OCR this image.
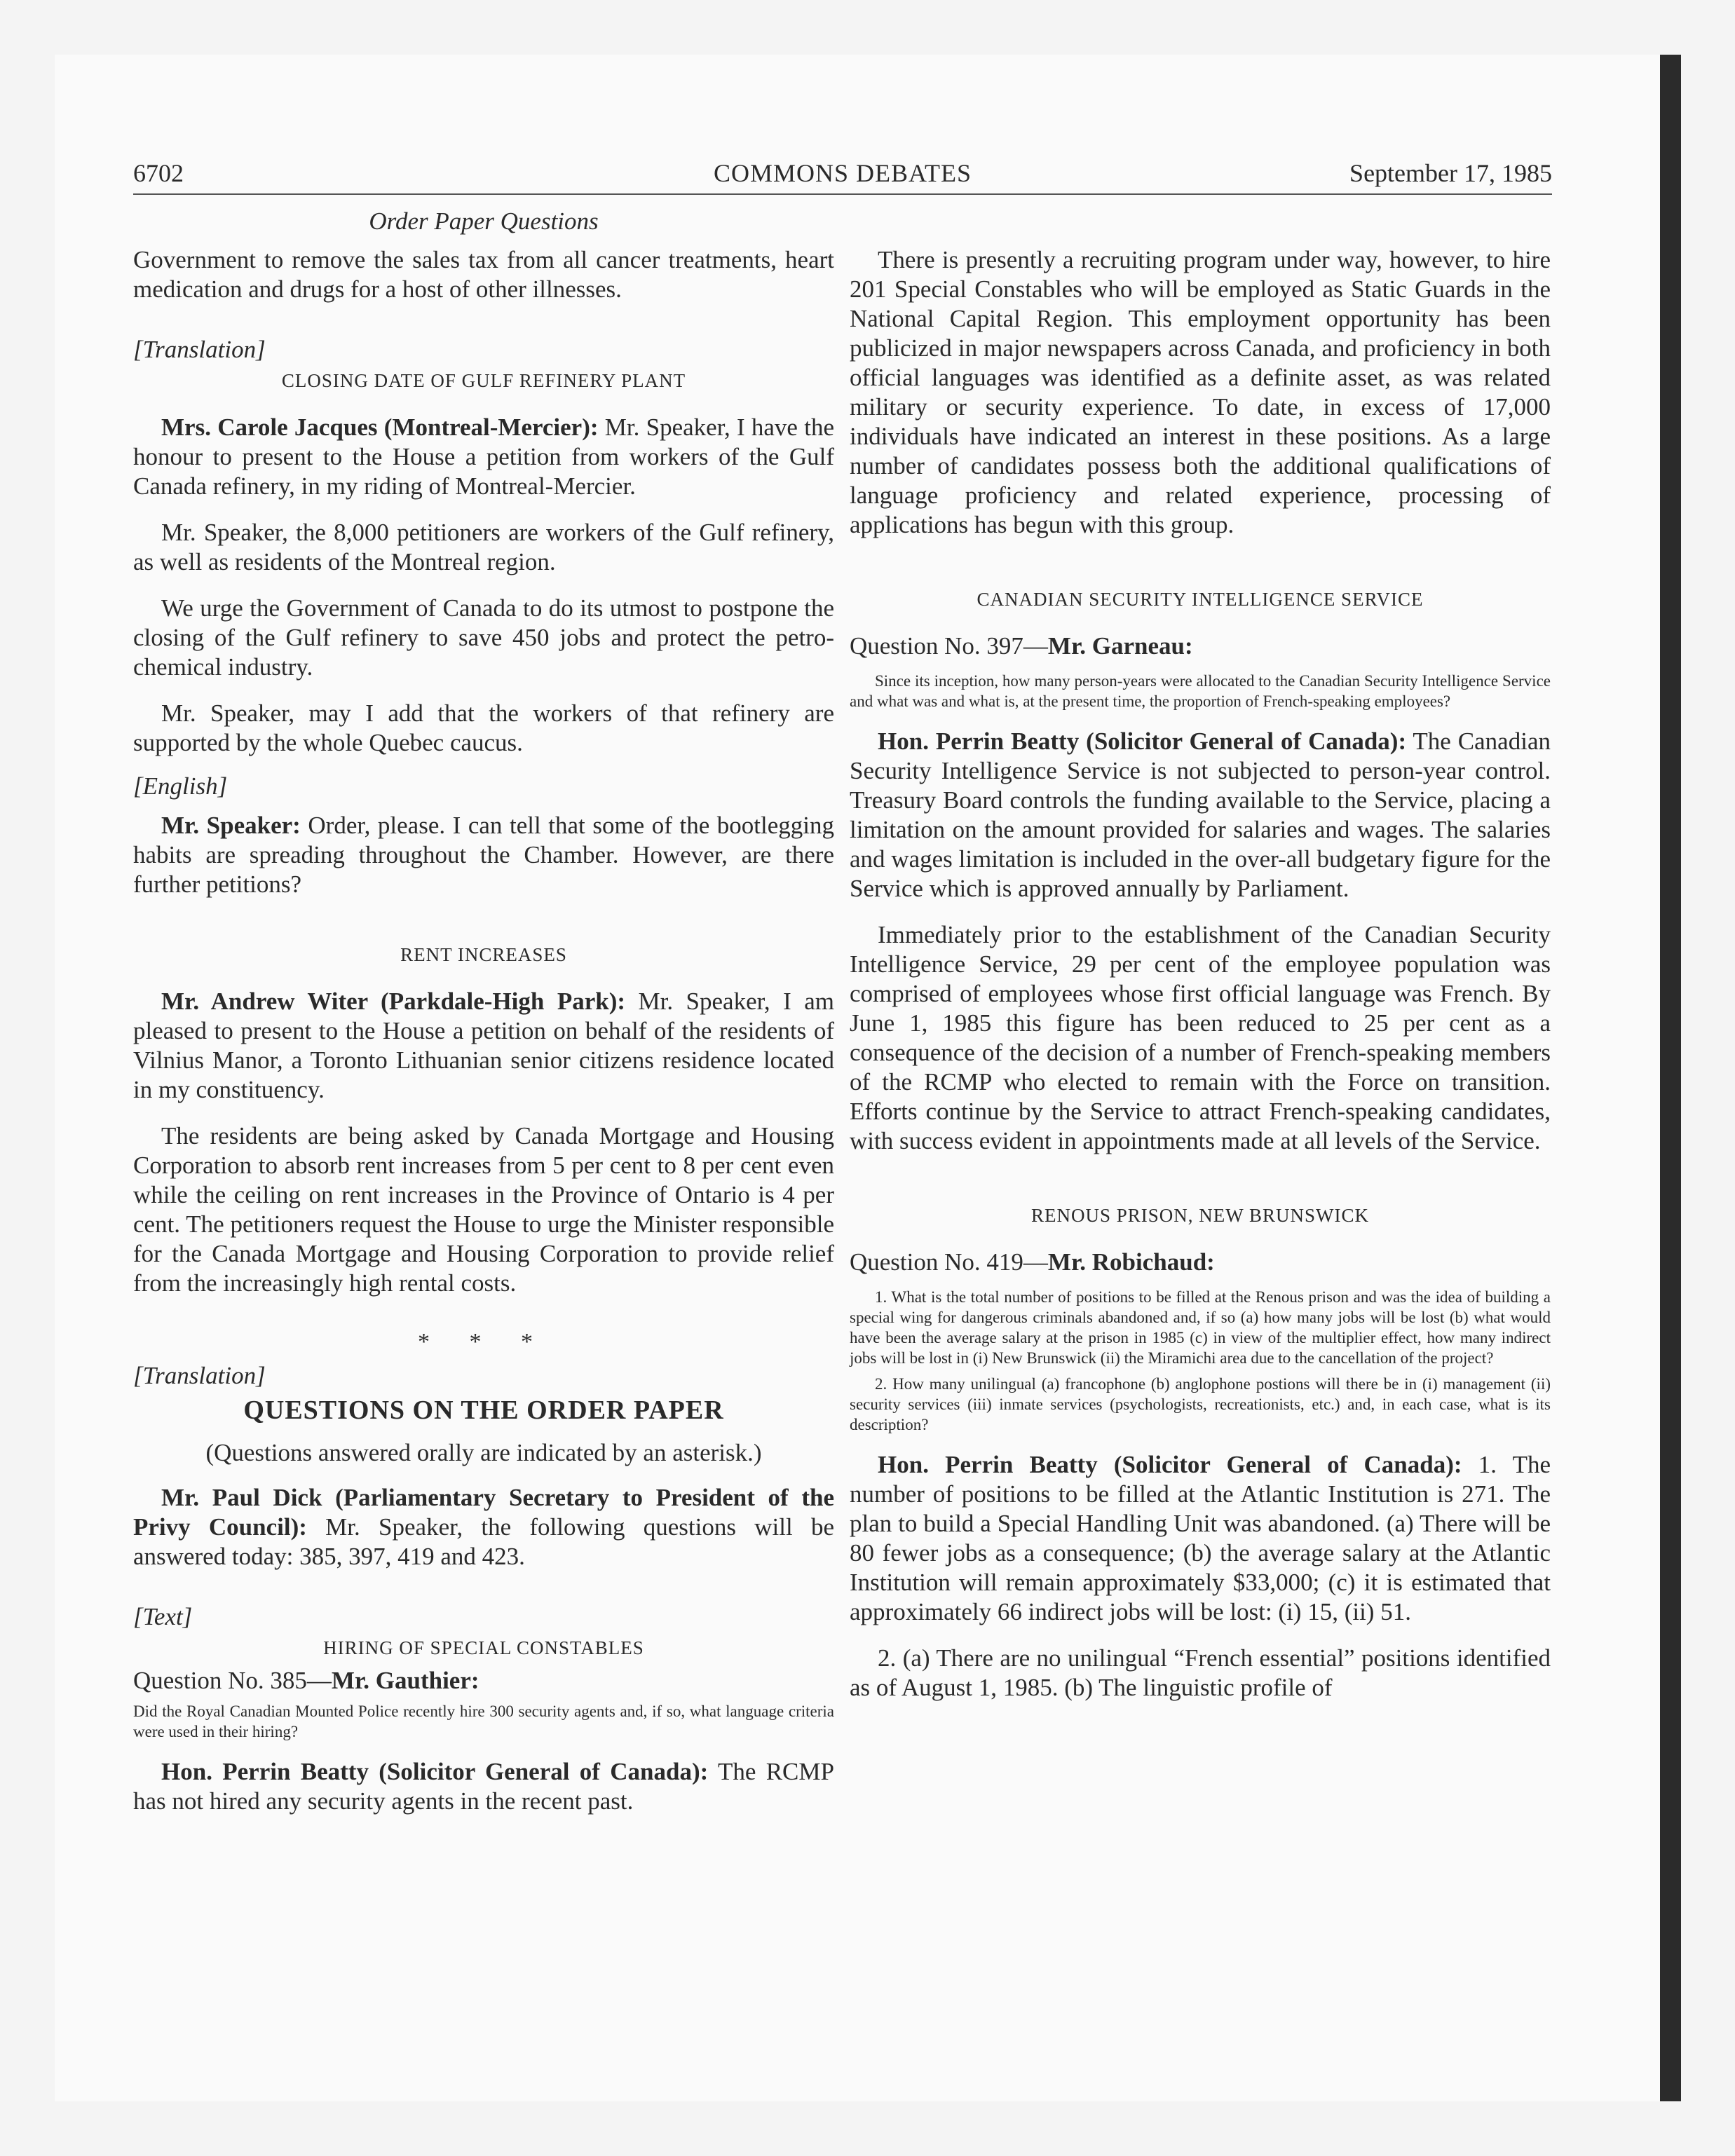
6702	COMMONS DEBATES	September 17, 1985
Order Paper Questions

Government to remove the sales tax from all cancer treatments, heart medication and drugs for a host of other illnesses.

[Translation]
CLOSING DATE OF GULF REFINERY PLANT

Mrs. Carole Jacques (Montreal-Mercier): Mr. Speaker, I have the honour to present to the House a petition from workers of the Gulf Canada refinery, in my riding of Montreal-Mercier.

Mr. Speaker, the 8,000 petitioners are workers of the Gulf refinery, as well as residents of the Montreal region.

We urge the Government of Canada to do its utmost to postpone the closing of the Gulf refinery to save 450 jobs and protect the petro-chemical industry.

Mr. Speaker, may I add that the workers of that refinery are supported by the whole Quebec caucus.

[English]

Mr. Speaker: Order, please. I can tell that some of the bootlegging habits are spreading throughout the Chamber. However, are there further petitions?

RENT INCREASES

Mr. Andrew Witer (Parkdale-High Park): Mr. Speaker, I am pleased to present to the House a petition on behalf of the residents of Vilnius Manor, a Toronto Lithuanian senior citizens residence located in my constituency.

The residents are being asked by Canada Mortgage and Housing Corporation to absorb rent increases from 5 per cent to 8 per cent even while the ceiling on rent increases in the Province of Ontario is 4 per cent. The petitioners request the House to urge the Minister responsible for the Canada Mortgage and Housing Corporation to provide relief from the increasingly high rental costs.

* * *
[Translation]
QUESTIONS ON THE ORDER PAPER
(Questions answered orally are indicated by an asterisk.)

Mr. Paul Dick (Parliamentary Secretary to President of the Privy Council): Mr. Speaker, the following questions will be answered today: 385, 397, 419 and 423.

[Text]
HIRING OF SPECIAL CONSTABLES
Question No. 385—Mr. Gauthier:
Did the Royal Canadian Mounted Police recently hire 300 security agents and, if so, what language criteria were used in their hiring?

Hon. Perrin Beatty (Solicitor General of Canada): The RCMP has not hired any security agents in the recent past.

There is presently a recruiting program under way, however, to hire 201 Special Constables who will be employed as Static Guards in the National Capital Region. This employment opportunity has been publicized in major newspapers across Canada, and proficiency in both official languages was identified as a definite asset, as was related military or security experience. To date, in excess of 17,000 individuals have indicated an interest in these positions. As a large number of candidates possess both the additional qualifications of language proficiency and related experience, processing of applications has begun with this group.

CANADIAN SECURITY INTELLIGENCE SERVICE
Question No. 397—Mr. Garneau:
Since its inception, how many person-years were allocated to the Canadian Security Intelligence Service and what was and what is, at the present time, the proportion of French-speaking employees?

Hon. Perrin Beatty (Solicitor General of Canada): The Canadian Security Intelligence Service is not subjected to person-year control. Treasury Board controls the funding available to the Service, placing a limitation on the amount provided for salaries and wages. The salaries and wages limitation is included in the over-all budgetary figure for the Service which is approved annually by Parliament.

Immediately prior to the establishment of the Canadian Security Intelligence Service, 29 per cent of the employee population was comprised of employees whose first official language was French. By June 1, 1985 this figure has been reduced to 25 per cent as a consequence of the decision of a number of French-speaking members of the RCMP who elected to remain with the Force on transition. Efforts continue by the Service to attract French-speaking candidates, with success evident in appointments made at all levels of the Service.

RENOUS PRISON, NEW BRUNSWICK
Question No. 419—Mr. Robichaud:
1. What is the total number of positions to be filled at the Renous prison and was the idea of building a special wing for dangerous criminals abandoned and, if so (a) how many jobs will be lost (b) what would have been the average salary at the prison in 1985 (c) in view of the multiplier effect, how many indirect jobs will be lost in (i) New Brunswick (ii) the Miramichi area due to the cancellation of the project?
2. How many unilingual (a) francophone (b) anglophone postions will there be in (i) management (ii) security services (iii) inmate services (psychologists, recreationists, etc.) and, in each case, what is its description?

Hon. Perrin Beatty (Solicitor General of Canada): 1. The number of positions to be filled at the Atlantic Institution is 271. The plan to build a Special Handling Unit was abandoned. (a) There will be 80 fewer jobs as a consequence; (b) the average salary at the Atlantic Institution will remain approximately $33,000; (c) it is estimated that approximately 66 indirect jobs will be lost: (i) 15, (ii) 51.

2. (a) There are no unilingual “French essential” positions identified as of August 1, 1985. (b) The linguistic profile of
